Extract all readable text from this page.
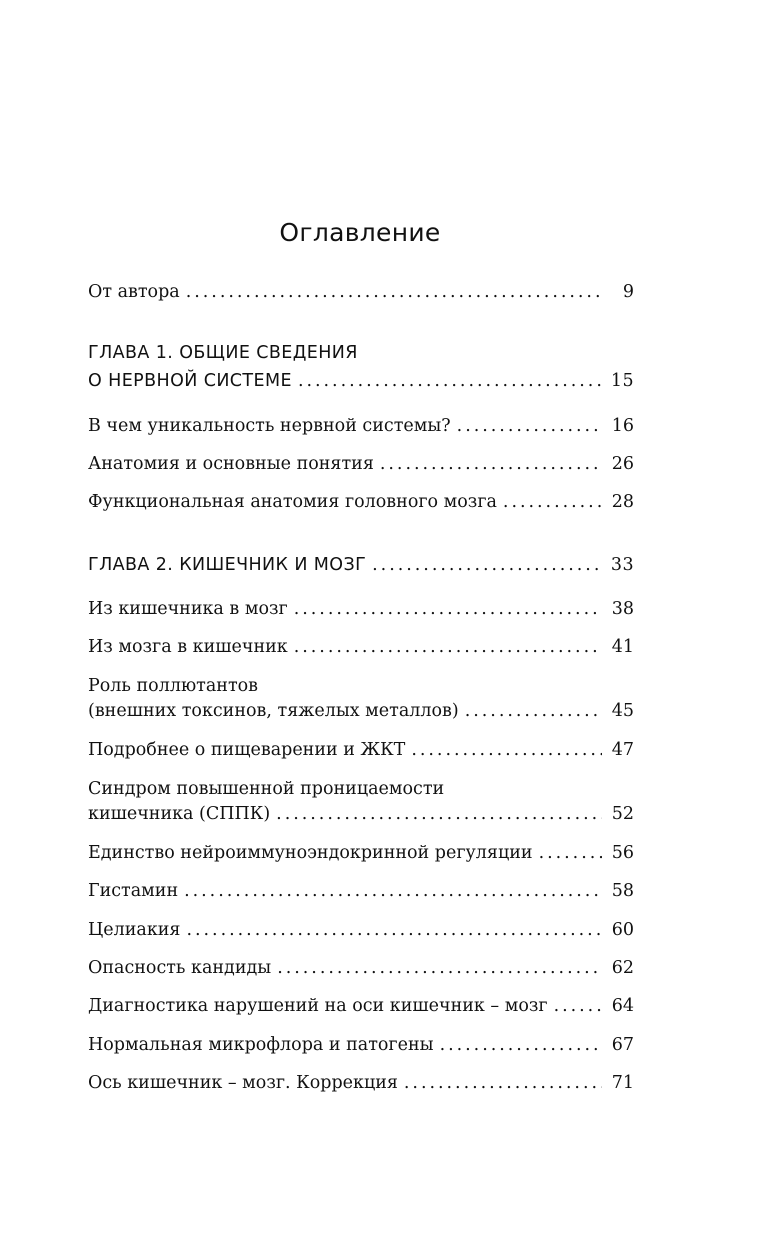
Оглавление
От автора . . .	9
ГЛАВА 1. ОБЩИЕ СВЕДЕНИЯ
О НЕРВНОЙ СИСТЕМЕ . . .	15
В чем уникальность нервной системы? . . .	16
Анатомия и основные понятия . . .	26
Функциональная анатомия головного мозга . . .	28
ГЛАВА 2. КИШЕЧНИК И МОЗГ . . .	33
Из кишечника в мозг . . .	38
Из мозга в кишечник . . .	41
Роль поллютантов
(внешних токсинов, тяжелых металлов) . . .	45
Подробнее о пищеварении и ЖКТ . . .	47
Синдром повышенной проницаемости
кишечника (СППК) . . .	52
Единство нейроиммуноэндокринной регуляции . . .	56
Гистамин . . .	58
Целиакия . . .	60
Опасность кандиды . . .	62
Диагностика нарушений на оси кишечник – мозг . . .	64
Нормальная микрофлора и патогены . . .	67
Ось кишечник – мозг. Коррекция . . .	71
